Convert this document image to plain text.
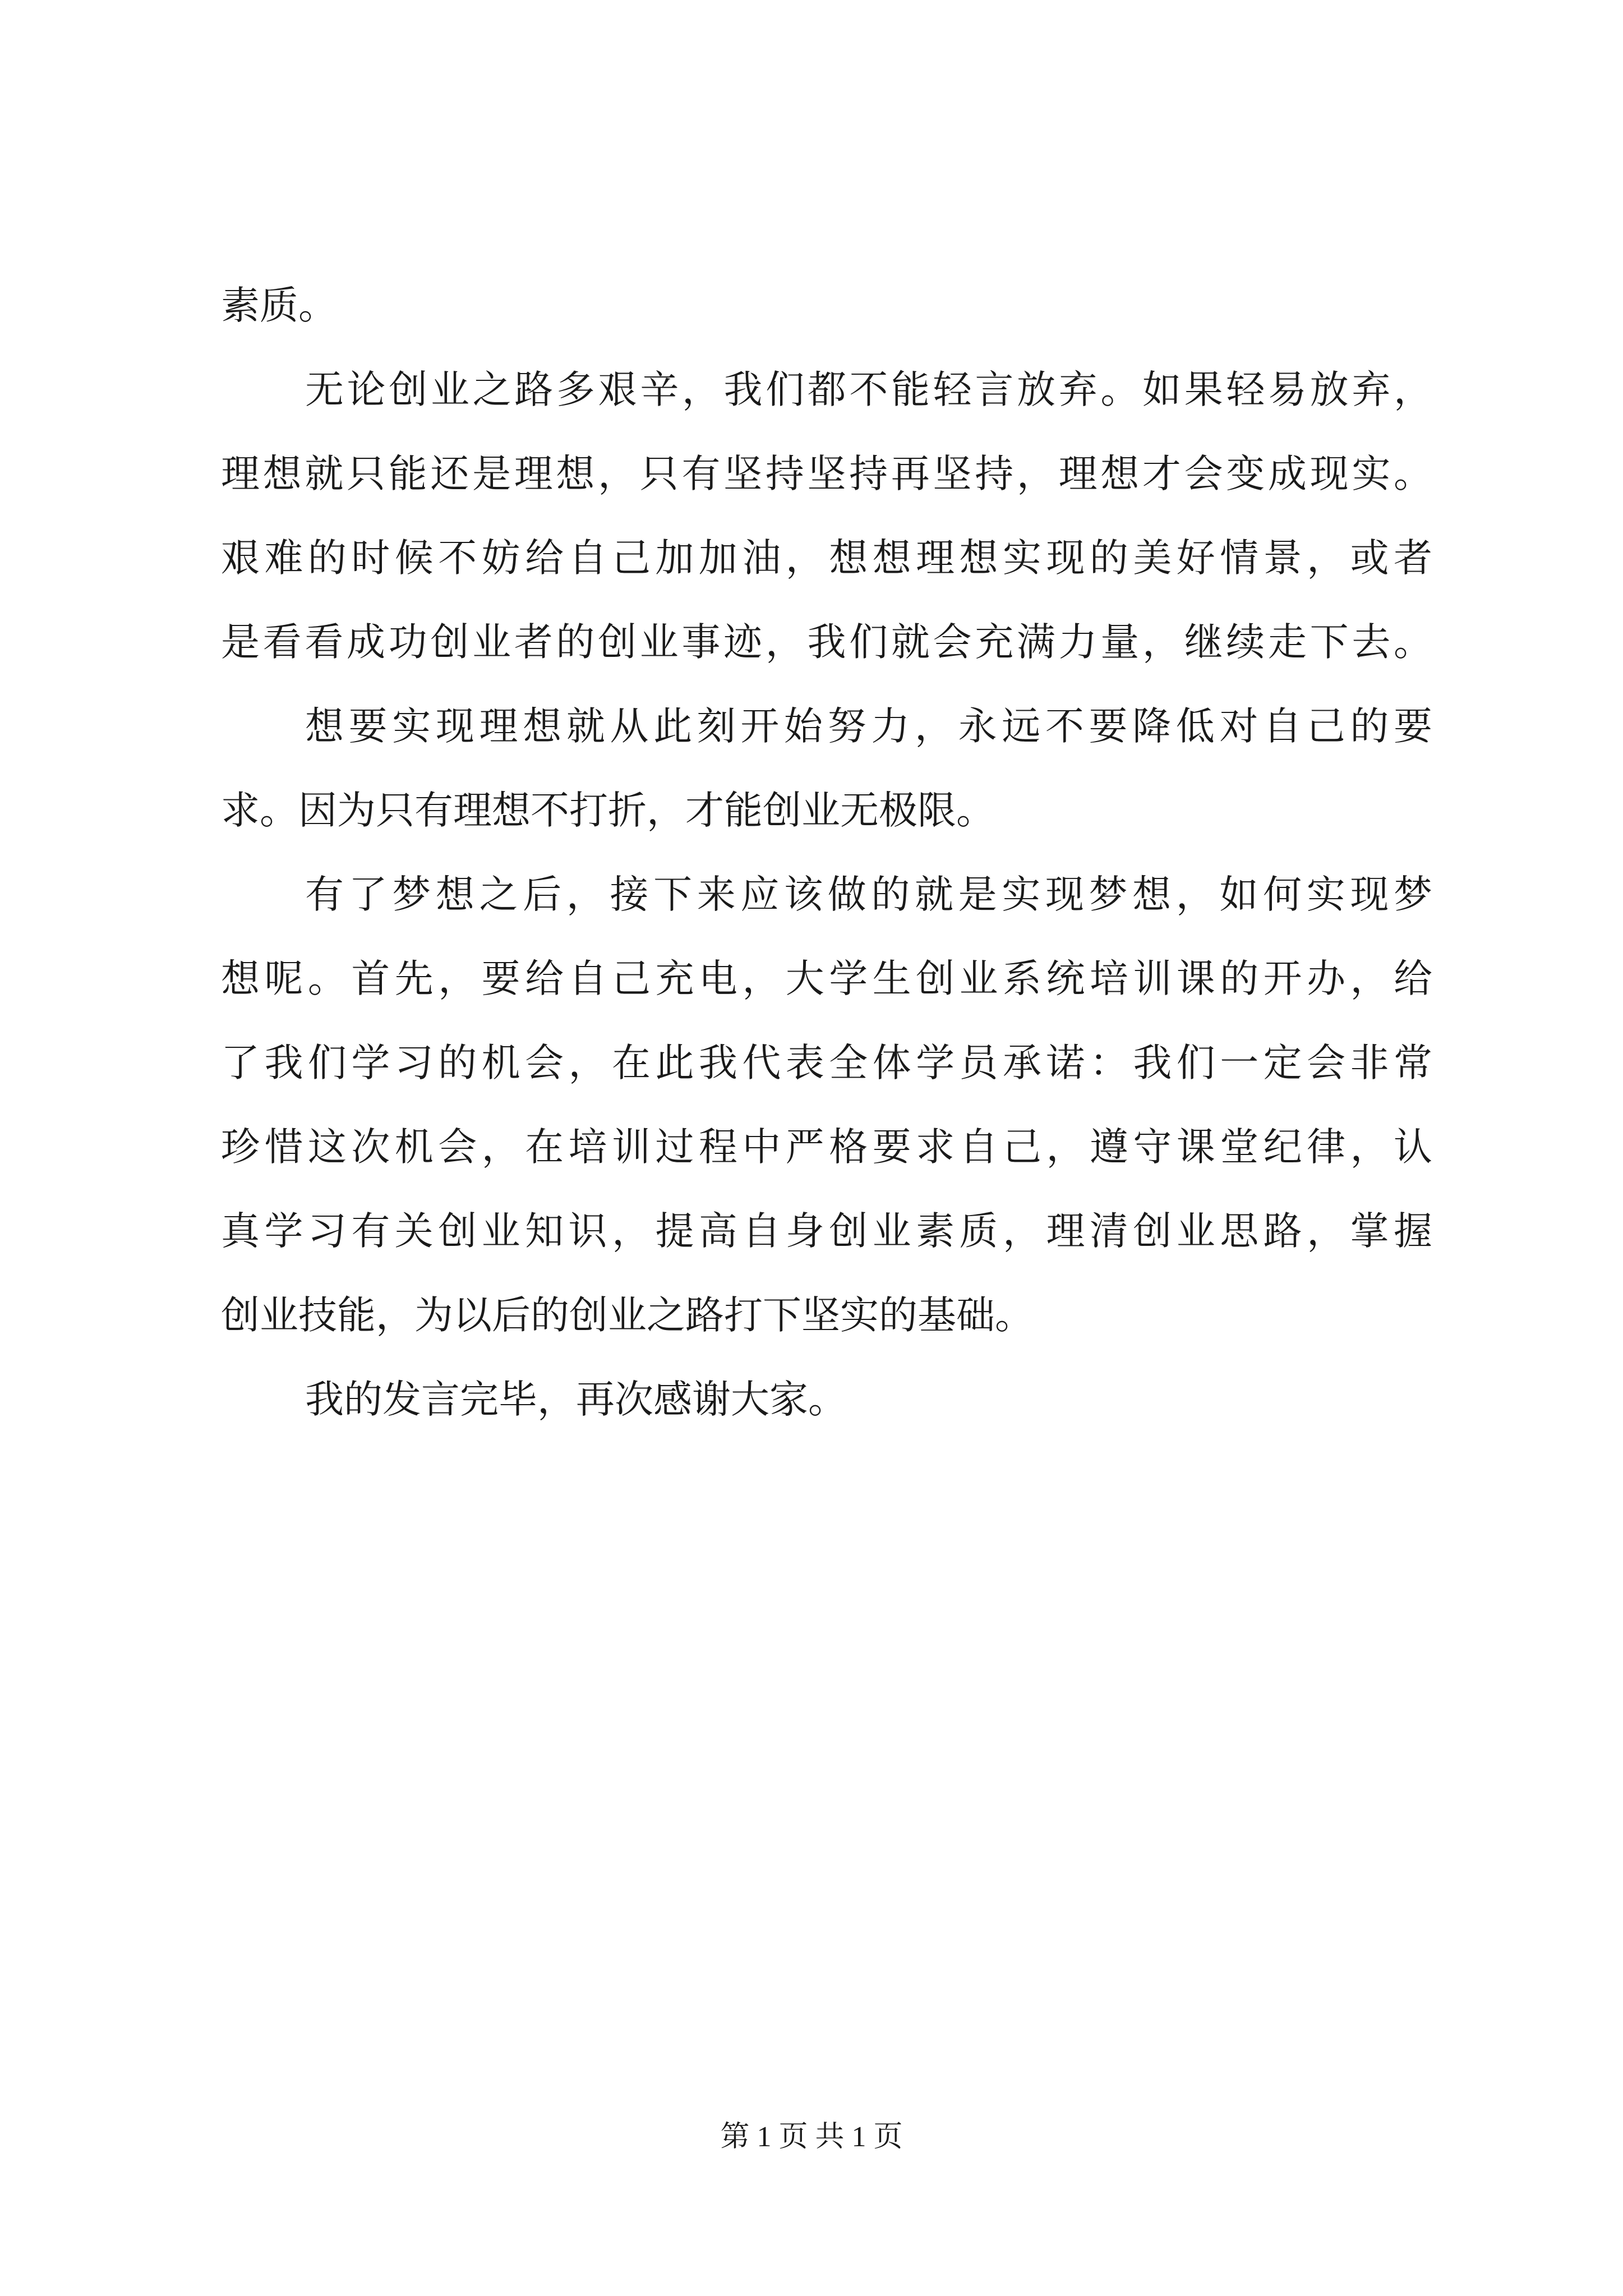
素质。
无论创业之路多艰辛，我们都不能轻言放弃。如果轻易放弃，
理想就只能还是理想，只有坚持坚持再坚持，理想才会变成现实。
艰难的时候不妨给自己加加油，想想理想实现的美好情景，或者
是看看成功创业者的创业事迹，我们就会充满力量，继续走下去。
想要实现理想就从此刻开始努力，永远不要降低对自己的要
求。因为只有理想不打折，才能创业无极限。
有了梦想之后，接下来应该做的就是实现梦想，如何实现梦
想呢。首先，要给自己充电，大学生创业系统培训课的开办，给
了我们学习的机会，在此我代表全体学员承诺：我们一定会非常
珍惜这次机会，在培训过程中严格要求自己，遵守课堂纪律，认
真学习有关创业知识，提高自身创业素质，理清创业思路，掌握
创业技能，为以后的创业之路打下坚实的基础。
我的发言完毕，再次感谢大家。
第 1 页 共 1 页
